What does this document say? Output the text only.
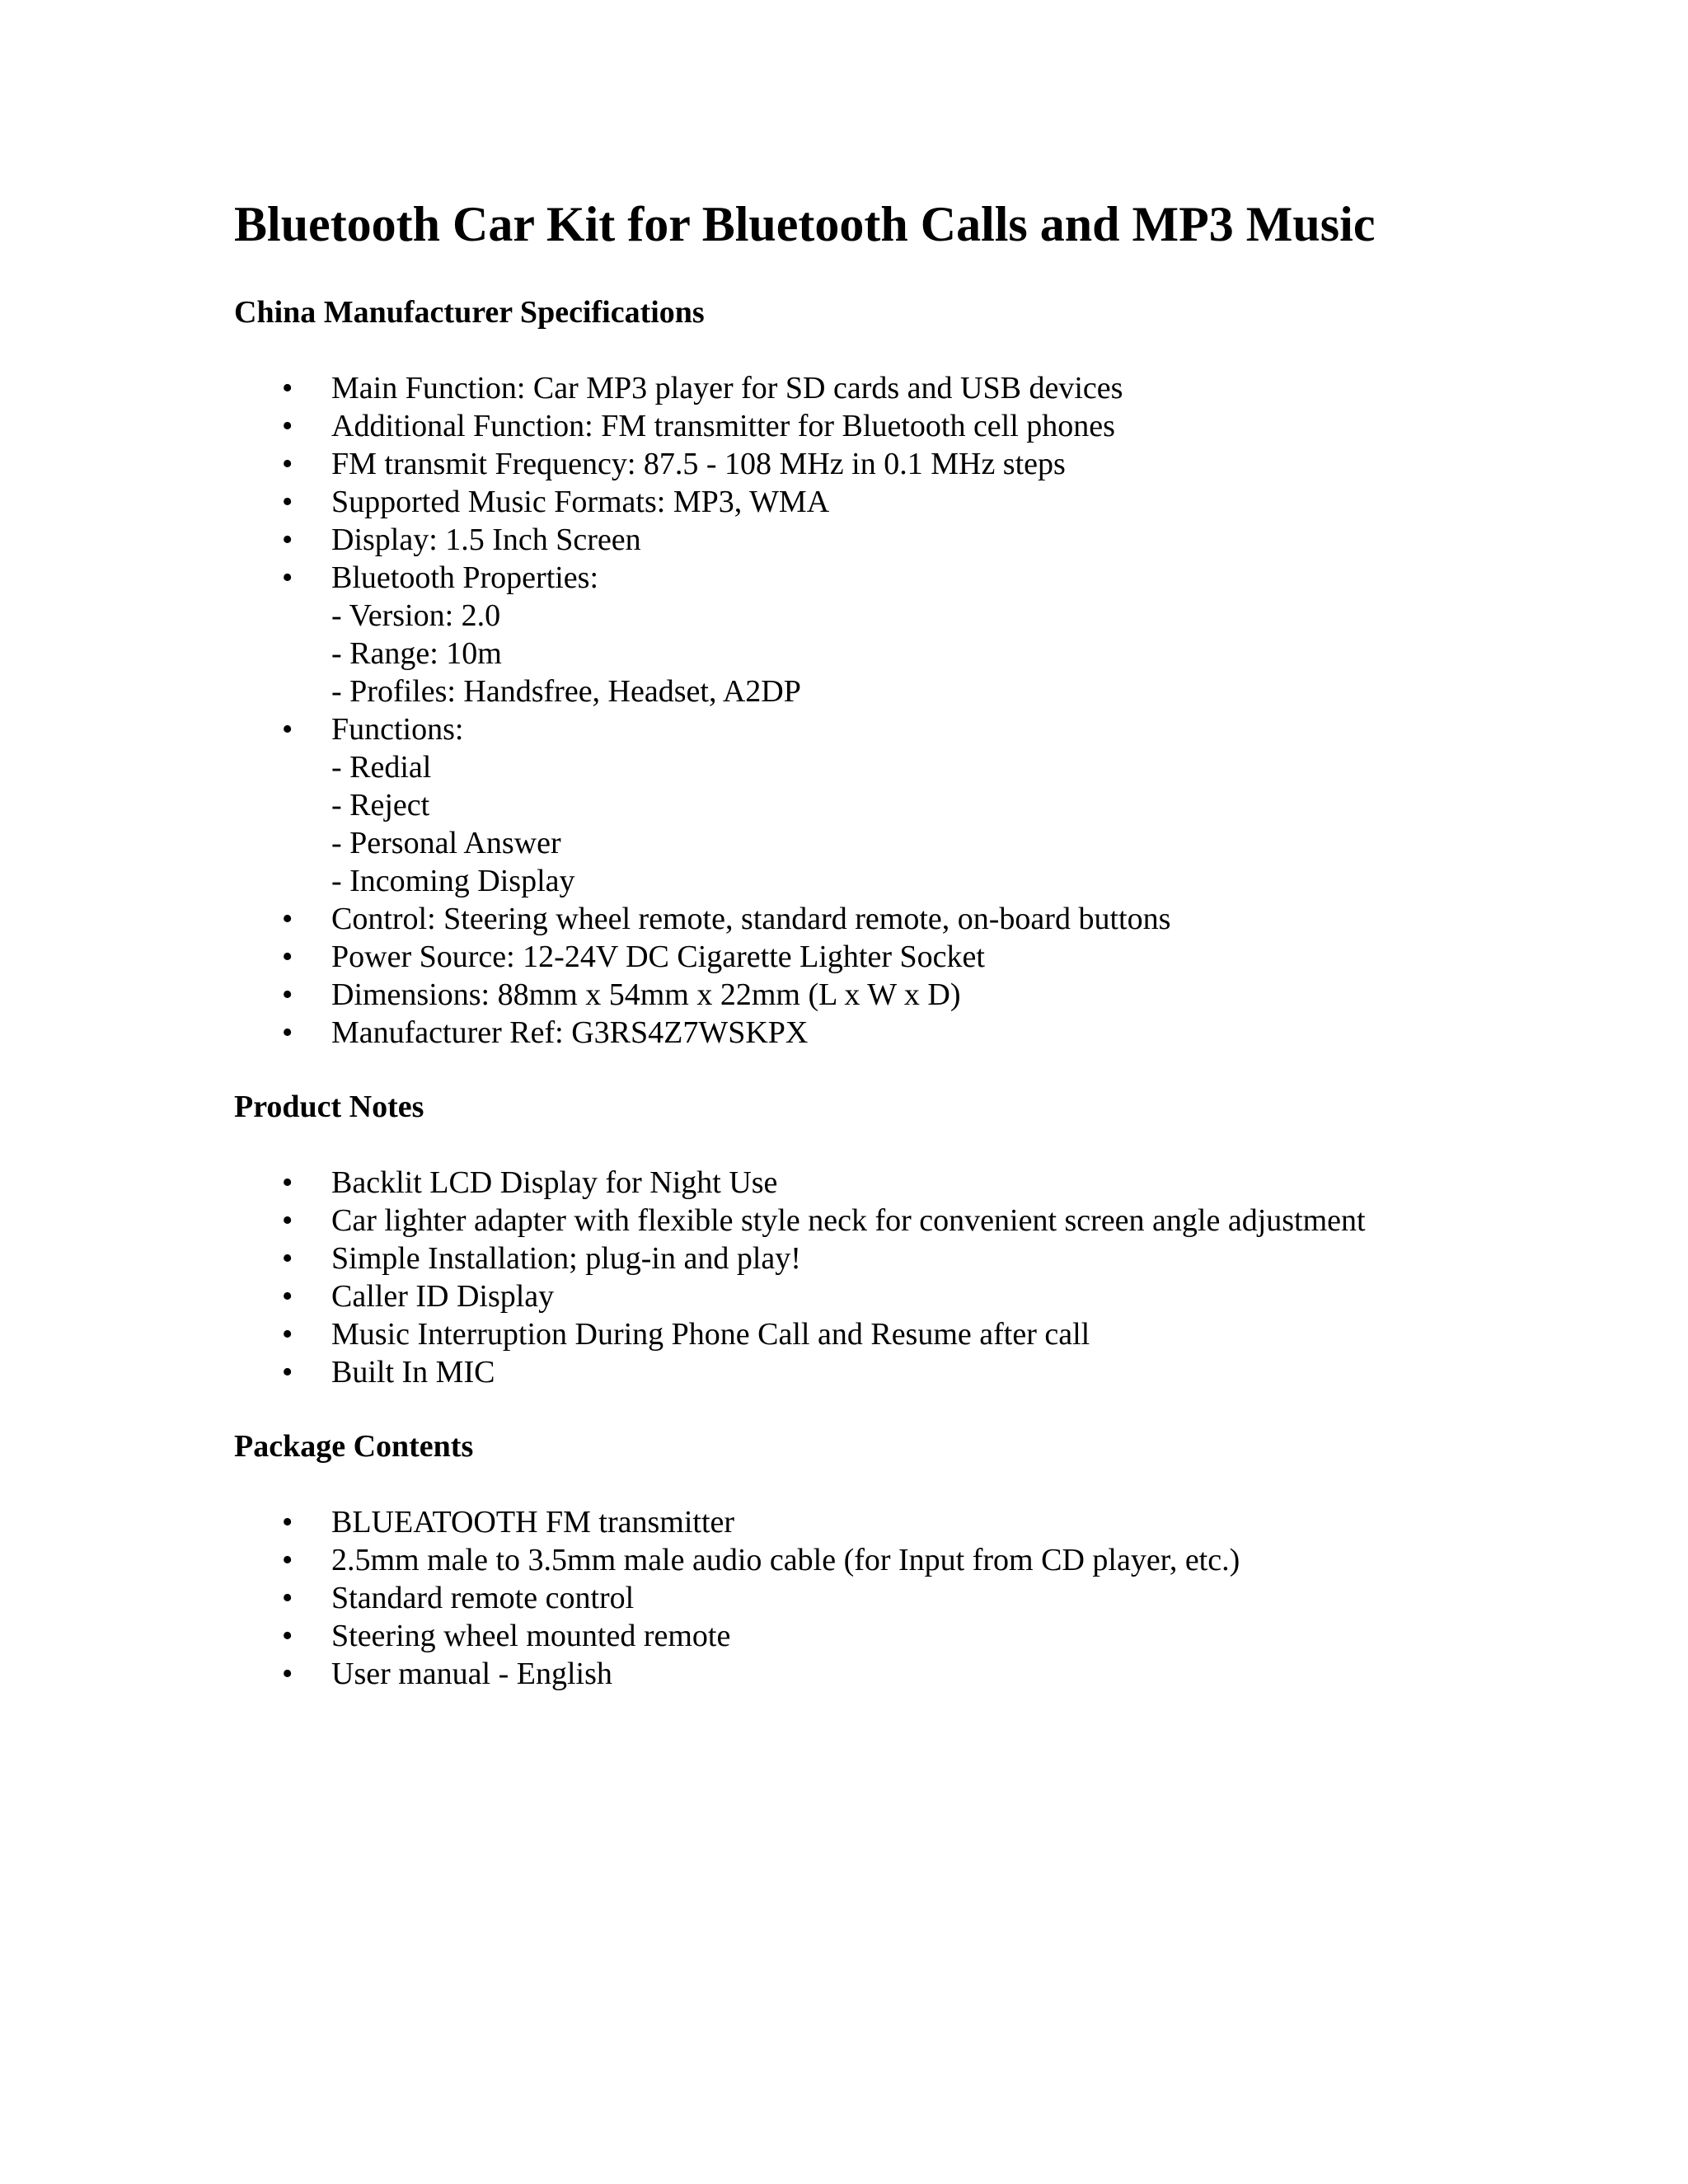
Bluetooth Car Kit for Bluetooth Calls and MP3 Music
China Manufacturer Specifications
• Main Function: Car MP3 player for SD cards and USB devices
• Additional Function: FM transmitter for Bluetooth cell phones
• FM transmit Frequency: 87.5 - 108 MHz in 0.1 MHz steps
• Supported Music Formats: MP3, WMA
• Display: 1.5 Inch Screen
• Bluetooth Properties:
- Version: 2.0
- Range: 10m
- Profiles: Handsfree, Headset, A2DP
• Functions:
- Redial
- Reject
- Personal Answer
- Incoming Display
• Control: Steering wheel remote, standard remote, on-board buttons
• Power Source: 12-24V DC Cigarette Lighter Socket
• Dimensions: 88mm x 54mm x 22mm (L x W x D)
• Manufacturer Ref: G3RS4Z7WSKPX
Product Notes
• Backlit LCD Display for Night Use
• Car lighter adapter with flexible style neck for convenient screen angle adjustment
• Simple Installation; plug-in and play!
• Caller ID Display
• Music Interruption During Phone Call and Resume after call
• Built In MIC
Package Contents
• BLUEATOOTH FM transmitter
• 2.5mm male to 3.5mm male audio cable (for Input from CD player, etc.)
• Standard remote control
• Steering wheel mounted remote
• User manual - English
